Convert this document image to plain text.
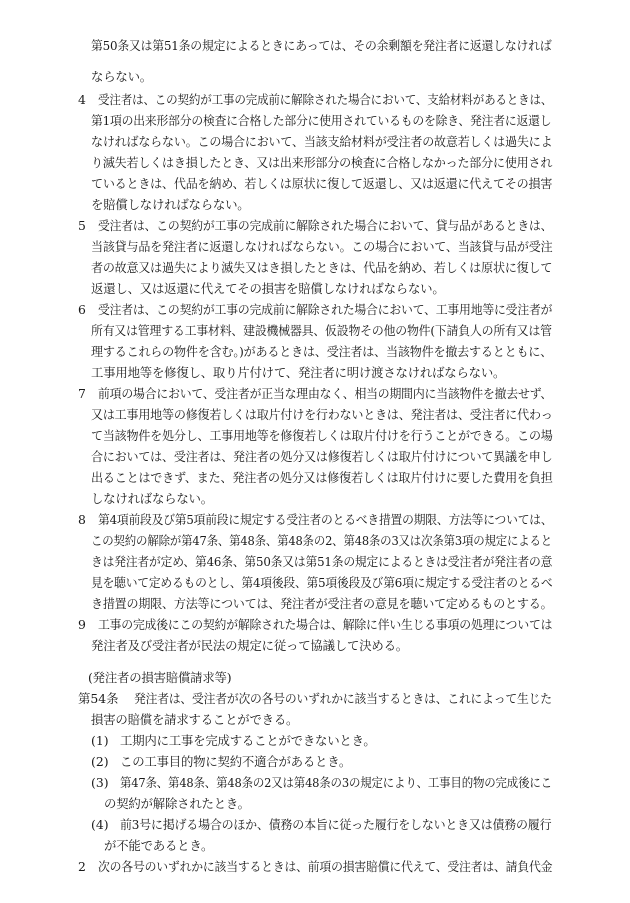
第50条又は第51条の規定によるときにあっては、その余剰額を発注者に返還しなければ
ならない。
4 受注者は、この契約が工事の完成前に解除された場合において、支給材料があるときは、
第1項の出来形部分の検査に合格した部分に使用されているものを除き、発注者に返還し
なければならない。この場合において、当該支給材料が受注者の故意若しくは過失によ
り滅失若しくはき損したとき、又は出来形部分の検査に合格しなかった部分に使用され
ているときは、代品を納め、若しくは原状に復して返還し、又は返還に代えてその損害
を賠償しなければならない。
5 受注者は、この契約が工事の完成前に解除された場合において、貸与品があるときは、
当該貸与品を発注者に返還しなければならない。この場合において、当該貸与品が受注
者の故意又は過失により滅失又はき損したときは、代品を納め、若しくは原状に復して
返還し、又は返還に代えてその損害を賠償しなければならない。
6 受注者は、この契約が工事の完成前に解除された場合において、工事用地等に受注者が
所有又は管理する工事材料、建設機械器具、仮設物その他の物件(下請負人の所有又は管
理するこれらの物件を含む。)があるときは、受注者は、当該物件を撤去するとともに、
工事用地等を修復し、取り片付けて、発注者に明け渡さなければならない。
7 前項の場合において、受注者が正当な理由なく、相当の期間内に当該物件を撤去せず、
又は工事用地等の修復若しくは取片付けを行わないときは、発注者は、受注者に代わっ
て当該物件を処分し、工事用地等を修復若しくは取片付けを行うことができる。この場
合においては、受注者は、発注者の処分又は修復若しくは取片付けについて異議を申し
出ることはできず、また、発注者の処分又は修復若しくは取片付けに要した費用を負担
しなければならない。
8 第4項前段及び第5項前段に規定する受注者のとるべき措置の期限、方法等については、
この契約の解除が第47条、第48条、第48条の2、第48条の3又は次条第3項の規定によると
きは発注者が定め、第46条、第50条又は第51条の規定によるときは受注者が発注者の意
見を聴いて定めるものとし、第4項後段、第5項後段及び第6項に規定する受注者のとるべ
き措置の期限、方法等については、発注者が受注者の意見を聴いて定めるものとする。
9 工事の完成後にこの契約が解除された場合は、解除に伴い生じる事項の処理については
発注者及び受注者が民法の規定に従って協議して決める。
(発注者の損害賠償請求等)
第54条 発注者は、受注者が次の各号のいずれかに該当するときは、これによって生じた
損害の賠償を請求することができる。
(1) 工期内に工事を完成することができないとき。
(2) この工事目的物に契約不適合があるとき。
(3) 第47条、第48条、第48条の2又は第48条の3の規定により、工事目的物の完成後にこ
の契約が解除されたとき。
(4) 前3号に掲げる場合のほか、債務の本旨に従った履行をしないとき又は債務の履行
が不能であるとき。
2 次の各号のいずれかに該当するときは、前項の損害賠償に代えて、受注者は、請負代金
